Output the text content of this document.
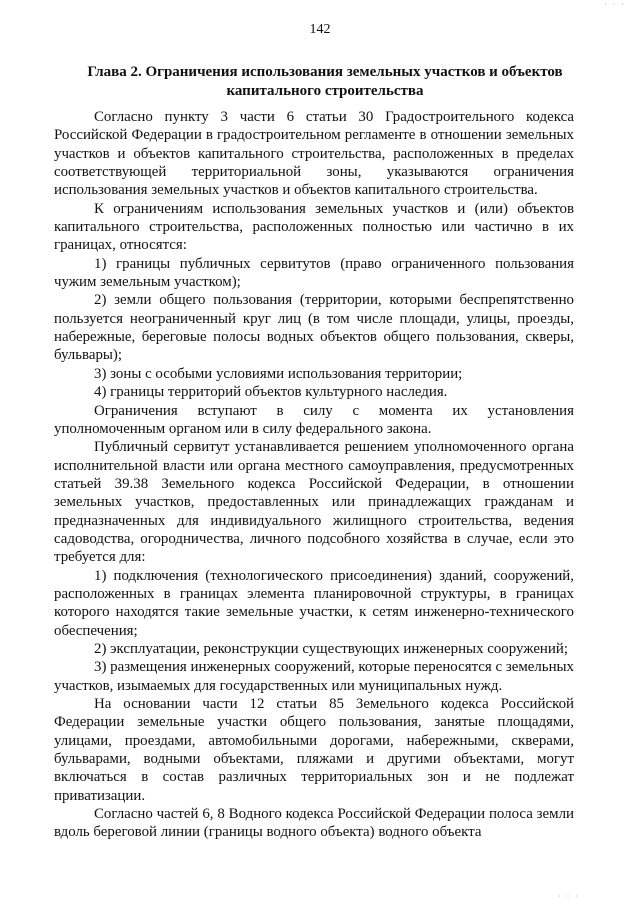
· · ·
142
Глава 2. Ограничения использования земельных участков и объектов капитального строительства

Согласно пункту 3 части 6 статьи 30 Градостроительного кодекса Российской Федерации в градостроительном регламенте в отношении земельных участков и объектов капитального строительства, расположенных в пределах соответствующей территориальной зоны, указываются ограничения использования земельных участков и объектов капитального строительства.

К ограничениям использования земельных участков и (или) объектов капитального строительства, расположенных полностью или частично в их границах, относятся:

1) границы публичных сервитутов (право ограниченного пользования чужим земельным участком);

2) земли общего пользования (территории, которыми беспрепятственно пользуется неограниченный круг лиц (в том числе площади, улицы, проезды, набережные, береговые полосы водных объектов общего пользования, скверы, бульвары);

3) зоны с особыми условиями использования территории;

4) границы территорий объектов культурного наследия.

Ограничения вступают в силу с момента их установления уполномоченным органом или в силу федерального закона.

Публичный сервитут устанавливается решением уполномоченного органа исполнительной власти или органа местного самоуправления, предусмотренных статьей 39.38 Земельного кодекса Российской Федерации, в отношении земельных участков, предоставленных или принадлежащих гражданам и предназначенных для индивидуального жилищного строительства, ведения садоводства, огородничества, личного подсобного хозяйства в случае, если это требуется для:

1) подключения (технологического присоединения) зданий, сооружений, расположенных в границах элемента планировочной структуры, в границах которого находятся такие земельные участки, к сетям инженерно-технического обеспечения;

2) эксплуатации, реконструкции существующих инженерных сооружений;

3) размещения инженерных сооружений, которые переносятся с земельных участков, изымаемых для государственных или муниципальных нужд.

На основании части 12 статьи 85 Земельного кодекса Российской Федерации земельные участки общего пользования, занятые площадями, улицами, проездами, автомобильными дорогами, набережными, скверами, бульварами, водными объектами, пляжами и другими объектами, могут включаться в состав различных территориальных зон и не подлежат приватизации.

Согласно частей 6, 8 Водного кодекса Российской Федерации полоса земли вдоль береговой линии (границы водного объекта) водного объекта

· · ·
